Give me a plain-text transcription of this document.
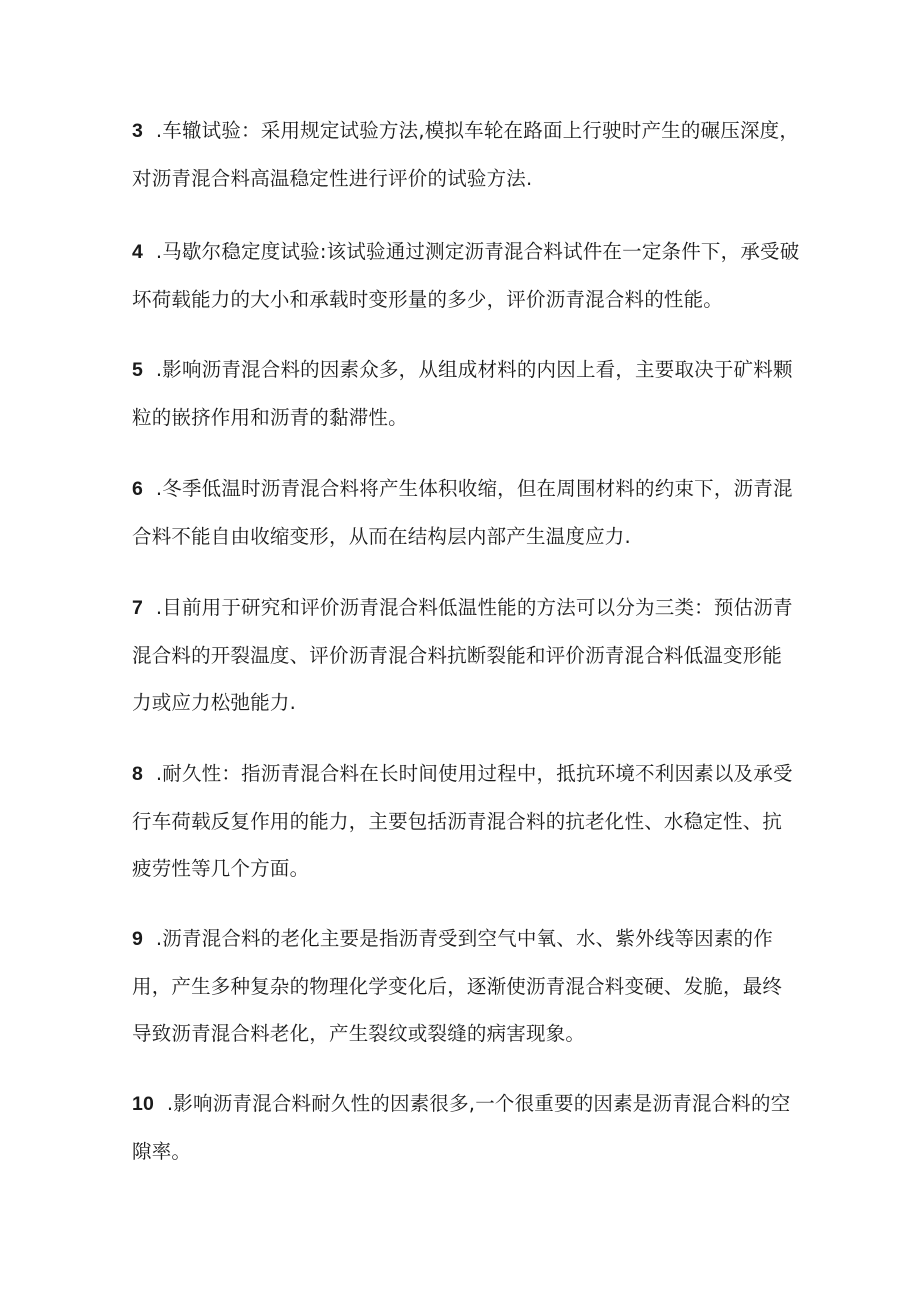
3 .车辙试验：采用规定试验方法,模拟车轮在路面上行驶时产生的碾压深度，对沥青混合料高温稳定性进行评价的试验方法.

4 .马歇尔稳定度试验:该试验通过测定沥青混合料试件在一定条件下，承受破坏荷载能力的大小和承载时变形量的多少，评价沥青混合料的性能。

5 .影响沥青混合料的因素众多，从组成材料的内因上看，主要取决于矿料颗粒的嵌挤作用和沥青的黏滞性。

6 .冬季低温时沥青混合料将产生体积收缩，但在周围材料的约束下，沥青混合料不能自由收缩变形，从而在结构层内部产生温度应力.

7 .目前用于研究和评价沥青混合料低温性能的方法可以分为三类：预估沥青混合料的开裂温度、评价沥青混合料抗断裂能和评价沥青混合料低温变形能力或应力松弛能力.

8 .耐久性：指沥青混合料在长时间使用过程中，抵抗环境不利因素以及承受行车荷载反复作用的能力，主要包括沥青混合料的抗老化性、水稳定性、抗疲劳性等几个方面。

9 .沥青混合料的老化主要是指沥青受到空气中氧、水、紫外线等因素的作用，产生多种复杂的物理化学变化后，逐渐使沥青混合料变硬、发脆，最终导致沥青混合料老化，产生裂纹或裂缝的病害现象。

10 .影响沥青混合料耐久性的因素很多,一个很重要的因素是沥青混合料的空隙率。
